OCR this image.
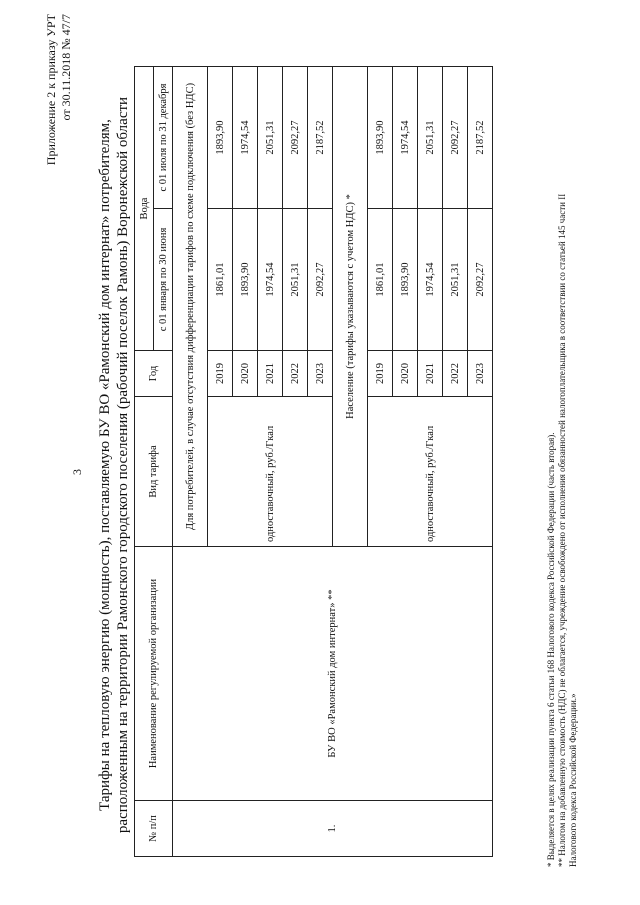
3
Приложение 2 к приказу УРТ от 30.11.2018 № 47/7
Тарифы на тепловую энергию (мощность), поставляемую БУ ВО «Рамонский дом интернат» потребителям, расположенным на территории Рамонского городского поселения (рабочий поселок Рамонь) Воронежской области № п/п	Наименование регулируемой организации	Вид тарифа	Год	Вода	
				с 01 января по 30 июня	с 01 июля по 31 декабря
1.	БУ ВО «Рамонский дом интернат» **	Для потребителей, в случае отсутствия дифференциации тарифов по схеме подключения (без НДС)			
		одноставочный, руб./Гкал	2019	1861,01	1893,90
			2020	1893,90	1974,54
			2021	1974,54	2051,31
			2022	2051,31	2092,27
			2023	2092,27	2187,52
		Население (тарифы указываются с учетом НДС) *			
		одноставочный, руб./Гкал	2019	1861,01	1893,90
			2020	1893,90	1974,54
			2021	1974,54	2051,31
			2022	2051,31	2092,27
			2023	2092,27	2187,52
* Выделяется в целях реализации пункта 6 статьи 168 Налогового кодекса Российской Федерации (часть вторая). ** Налогом на добавленную стоимость (НДС) не облагается, учреждение освобождено от исполнения обязанностей налогоплательщика в соответствии со статьей 145 части II Налогового кодекса Российской Федерации.»
